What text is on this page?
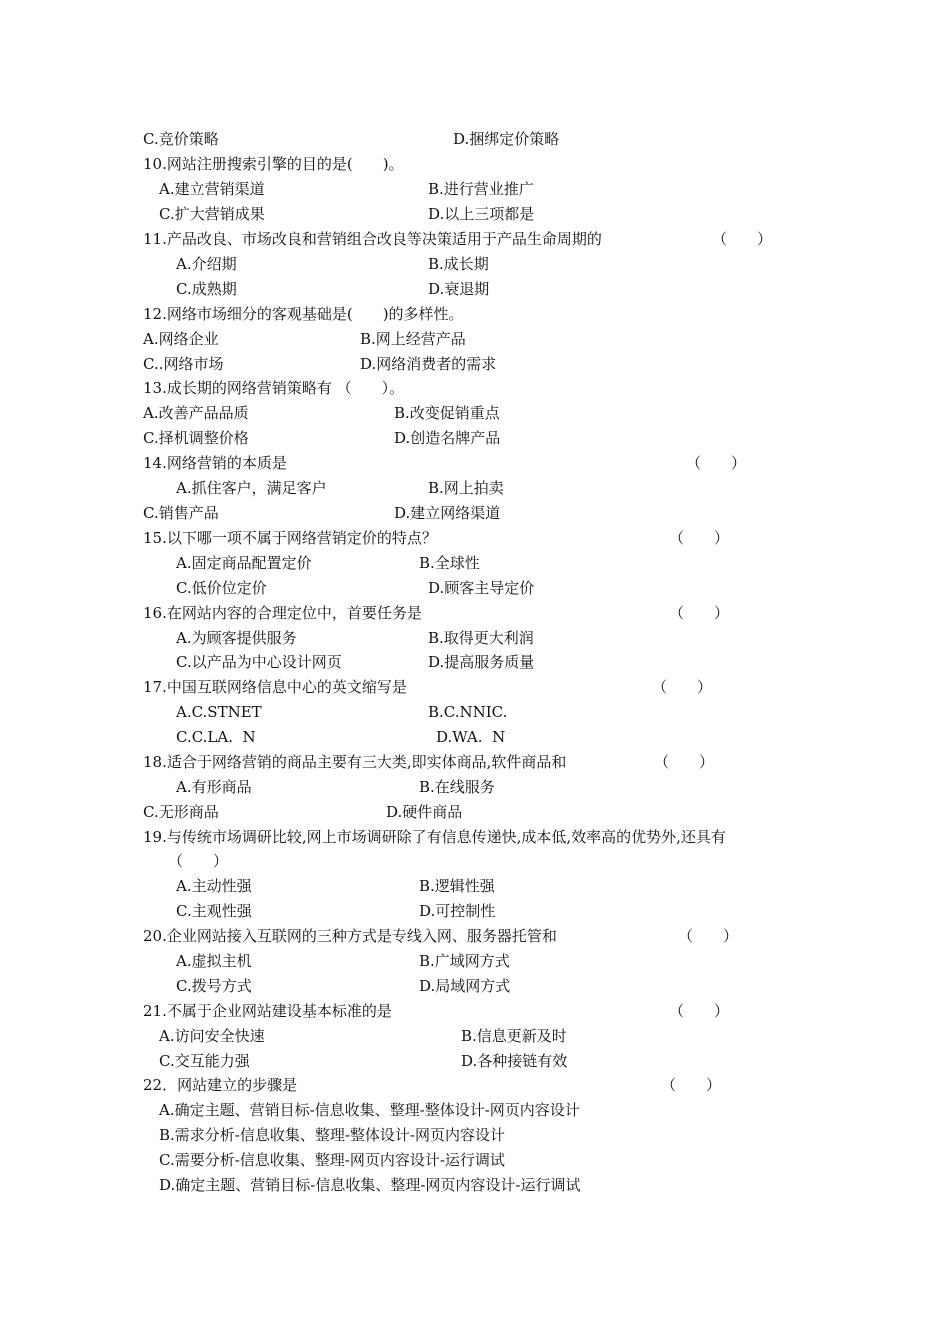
C.竞价策略	D.捆绑定价策略
10.网站注册搜索引擎的目的是(　　)。
A.建立营销渠道	B.进行营业推广
C.扩大营销成果	D.以上三项都是
11.产品改良、市场改良和营销组合改良等决策适用于产品生命周期的	（　　）
A.介绍期	B.成长期
C.成熟期	D.衰退期
12.网络市场细分的客观基础是(　　)的多样性。
A.网络企业	B.网上经营产品
C..网络市场	D.网络消费者的需求
13.成长期的网络营销策略有 （　　）。
A.改善产品品质	B.改变促销重点
C.择机调整价格	D.创造名牌产品
14.网络营销的本质是	（　　）
A.抓住客户，满足客户	B.网上拍卖
C.销售产品	D.建立网络渠道
15.以下哪一项不属于网络营销定价的特点？	（　　）
A.固定商品配置定价	B.全球性
C.低价位定价	D.顾客主导定价
16.在网站内容的合理定位中，首要任务是	（　　）
A.为顾客提供服务	B.取得更大利润
C.以产品为中心设计网页	D.提高服务质量
17.中国互联网络信息中心的英文缩写是	（　　）
A.C.STNET	B.C.NNIC.
C.C.LA.  N	D.WA.  N
18.适合于网络营销的商品主要有三大类,即实体商品,软件商品和	（　　）
A.有形商品	B.在线服务
C.无形商品	D.硬件商品
19.与传统市场调研比较,网上市场调研除了有信息传递快,成本低,效率高的优势外,还具有
（　　）
A.主动性强	B.逻辑性强
C.主观性强	D.可控制性
20.企业网站接入互联网的三种方式是专线入网、服务器托管和	（　　）
A.虚拟主机	B.广域网方式
C.拨号方式	D.局域网方式
21.不属于企业网站建设基本标准的是	（　　）
A.访问安全快速	B.信息更新及时
C.交互能力强	D.各种接链有效
22．网站建立的步骤是	（　　）
A.确定主题、营销目标-信息收集、整理-整体设计-网页内容设计
B.需求分析-信息收集、整理-整体设计-网页内容设计
C.需要分析-信息收集、整理-网页内容设计-运行调试
D.确定主题、营销目标-信息收集、整理-网页内容设计-运行调试
